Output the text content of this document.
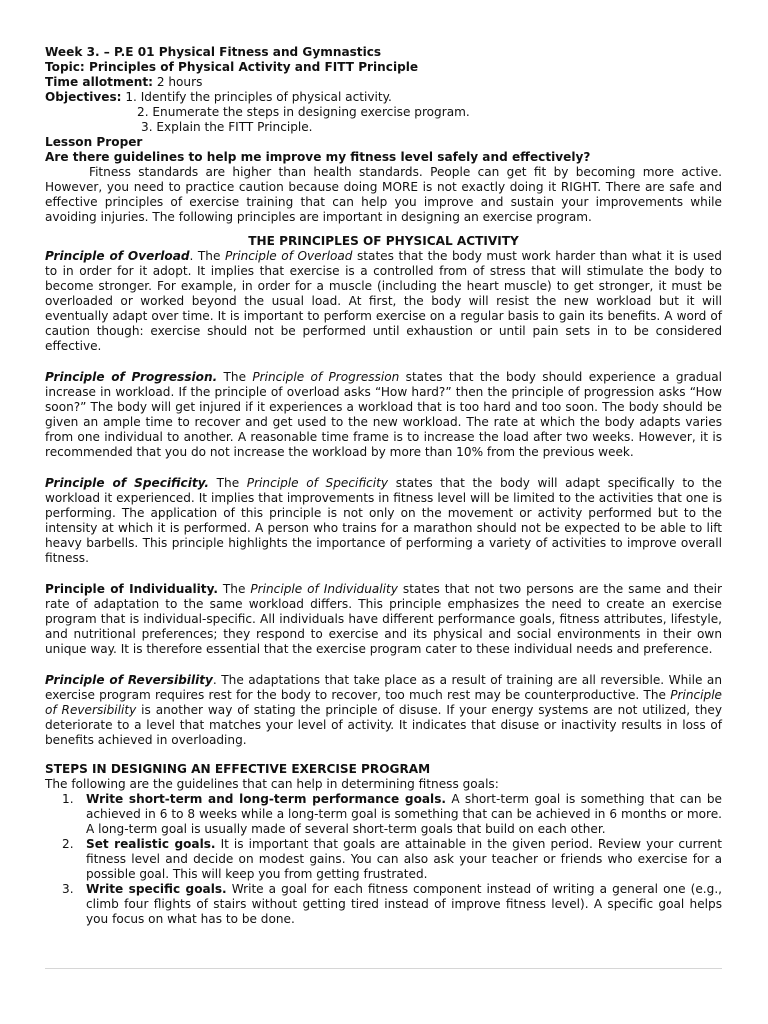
Week 3. – P.E 01 Physical Fitness and Gymnastics

Topic: Principles of Physical Activity and FITT Principle

Time allotment: 2 hours

Objectives: 1. Identify the principles of physical activity.

2. Enumerate the steps in designing exercise program.

3. Explain the FITT Principle.

Lesson Proper

Are there guidelines to help me improve my fitness level safely and effectively?

Fitness standards are higher than health standards. People can get fit by becoming more active. However, you need to practice caution because doing MORE is not exactly doing it RIGHT. There are safe and effective principles of exercise training that can help you improve and sustain your improvements while avoiding injuries. The following principles are important in designing an exercise program.

THE PRINCIPLES OF PHYSICAL ACTIVITY

Principle of Overload. The Principle of Overload states that the body must work harder than what it is used to in order for it adopt. It implies that exercise is a controlled from of stress that will stimulate the body to become stronger. For example, in order for a muscle (including the heart muscle) to get stronger, it must be overloaded or worked beyond the usual load. At first, the body will resist the new workload but it will eventually adapt over time. It is important to perform exercise on a regular basis to gain its benefits. A word of caution though: exercise should not be performed until exhaustion or until pain sets in to be considered effective.

Principle of Progression. The Principle of Progression states that the body should experience a gradual increase in workload. If the principle of overload asks “How hard?” then the principle of progression asks “How soon?” The body will get injured if it experiences a workload that is too hard and too soon. The body should be given an ample time to recover and get used to the new workload. The rate at which the body adapts varies from one individual to another. A reasonable time frame is to increase the load after two weeks. However, it is recommended that you do not increase the workload by more than 10% from the previous week.

Principle of Specificity. The Principle of Specificity states that the body will adapt specifically to the workload it experienced. It implies that improvements in fitness level will be limited to the activities that one is performing. The application of this principle is not only on the movement or activity performed but to the intensity at which it is performed. A person who trains for a marathon should not be expected to be able to lift heavy barbells. This principle highlights the importance of performing a variety of activities to improve overall fitness.

Principle of Individuality. The Principle of Individuality states that not two persons are the same and their rate of adaptation to the same workload differs. This principle emphasizes the need to create an exercise program that is individual-specific. All individuals have different performance goals, fitness attributes, lifestyle, and nutritional preferences; they respond to exercise and its physical and social environments in their own unique way. It is therefore essential that the exercise program cater to these individual needs and preference.

Principle of Reversibility. The adaptations that take place as a result of training are all reversible. While an exercise program requires rest for the body to recover, too much rest may be counterproductive. The Principle of Reversibility is another way of stating the principle of disuse. If your energy systems are not utilized, they deteriorate to a level that matches your level of activity. It indicates that disuse or inactivity results in loss of benefits achieved in overloading.

STEPS IN DESIGNING AN EFFECTIVE EXERCISE PROGRAM

The following are the guidelines that can help in determining fitness goals:

1. Write short-term and long-term performance goals. A short-term goal is something that can be achieved in 6 to 8 weeks while a long-term goal is something that can be achieved in 6 months or more. A long-term goal is usually made of several short-term goals that build on each other.
2. Set realistic goals. It is important that goals are attainable in the given period. Review your current fitness level and decide on modest gains. You can also ask your teacher or friends who exercise for a possible goal. This will keep you from getting frustrated.
3. Write specific goals. Write a goal for each fitness component instead of writing a general one (e.g., climb four flights of stairs without getting tired instead of improve fitness level). A specific goal helps you focus on what has to be done.
